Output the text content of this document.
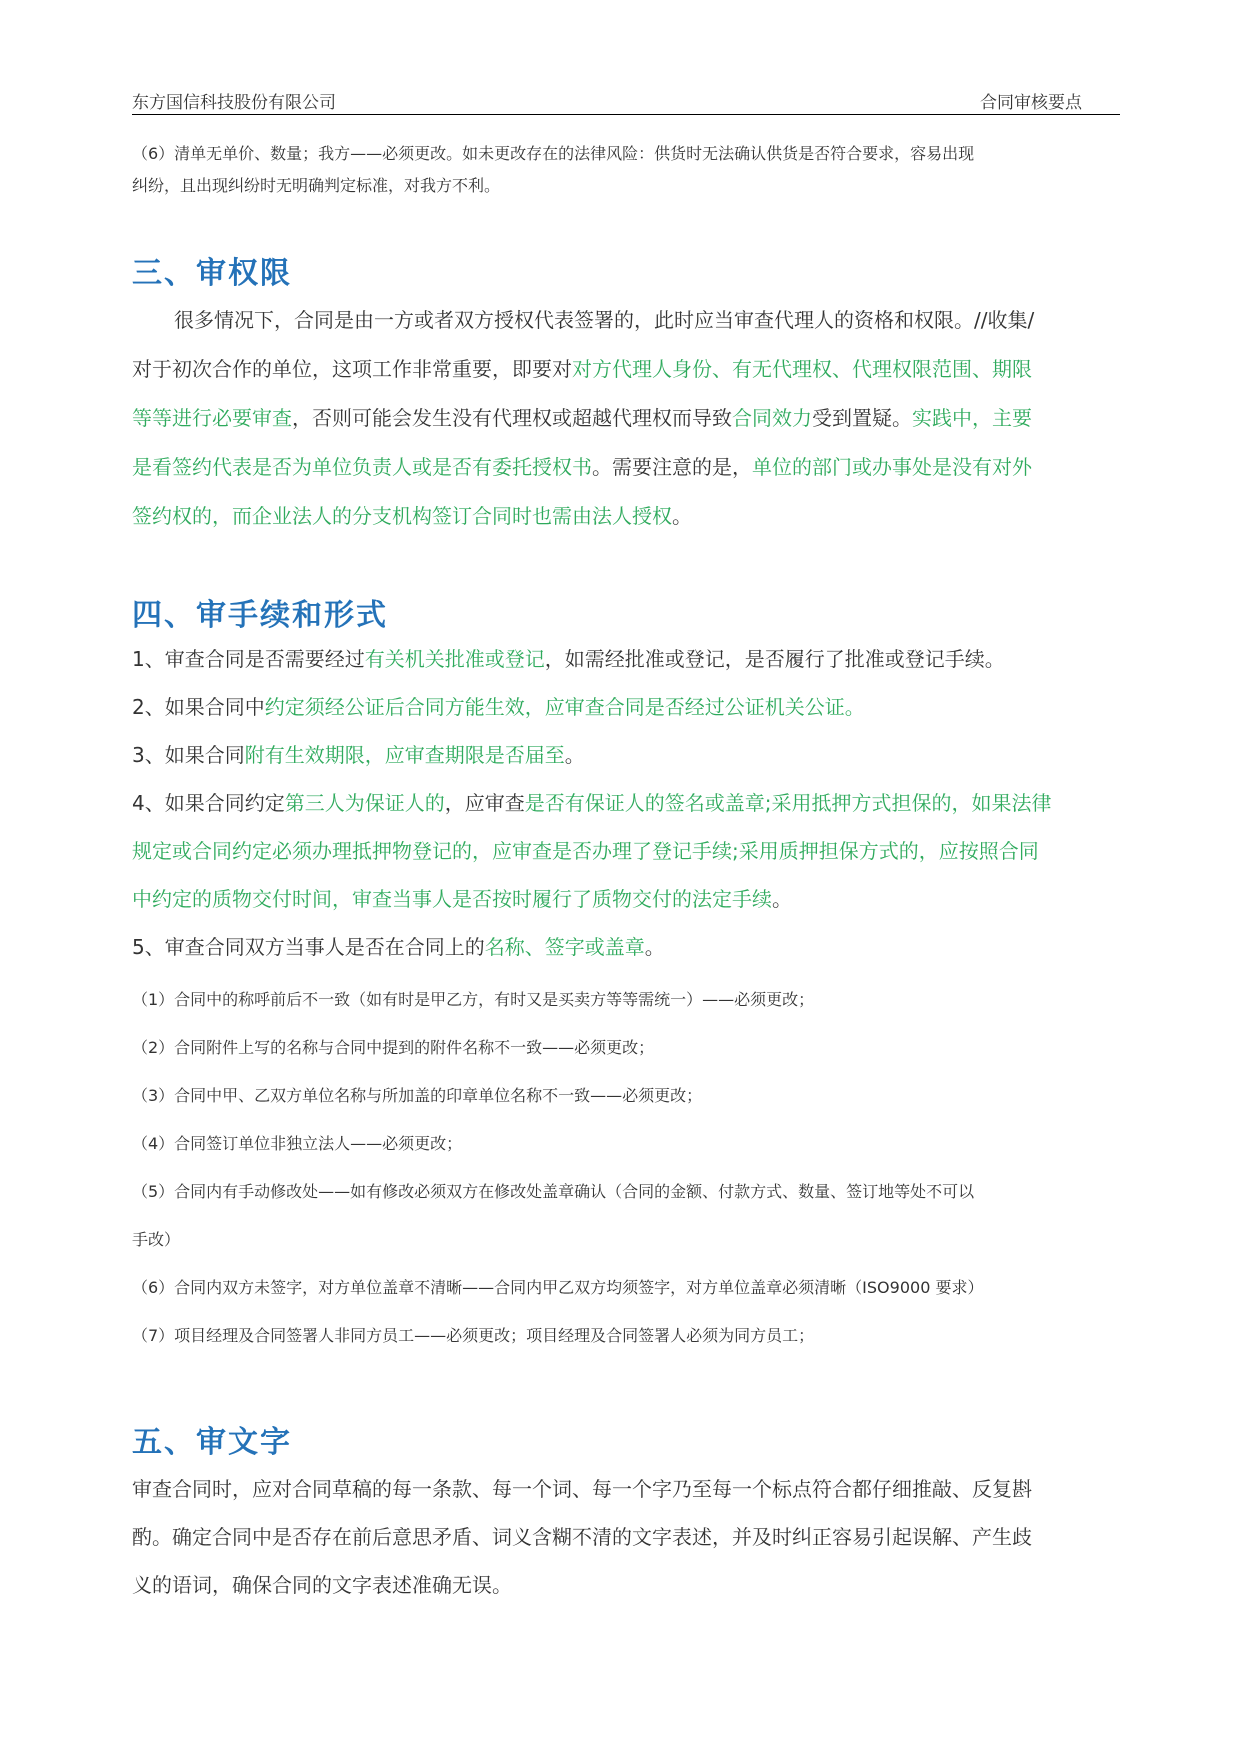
东方国信科技股份有限公司	合同审核要点

（6）清单无单价、数量；我方——必须更改。如未更改存在的法律风险：供货时无法确认供货是否符合要求，容易出现

纠纷，且出现纠纷时无明确判定标准，对我方不利。

三、审权限

很多情况下，合同是由一方或者双方授权代表签署的，此时应当审查代理人的资格和权限。//收集/

对于初次合作的单位，这项工作非常重要，即要对对方代理人身份、有无代理权、代理权限范围、期限

等等进行必要审查，否则可能会发生没有代理权或超越代理权而导致合同效力受到置疑。实践中，主要

是看签约代表是否为单位负责人或是否有委托授权书。需要注意的是，单位的部门或办事处是没有对外

签约权的，而企业法人的分支机构签订合同时也需由法人授权。

四、审手续和形式

1、审查合同是否需要经过有关机关批准或登记，如需经批准或登记，是否履行了批准或登记手续。

2、如果合同中约定须经公证后合同方能生效，应审查合同是否经过公证机关公证。

3、如果合同附有生效期限，应审查期限是否届至。

4、如果合同约定第三人为保证人的，应审查是否有保证人的签名或盖章;采用抵押方式担保的，如果法律

规定或合同约定必须办理抵押物登记的，应审查是否办理了登记手续;采用质押担保方式的，应按照合同

中约定的质物交付时间，审查当事人是否按时履行了质物交付的法定手续。

5、审查合同双方当事人是否在合同上的名称、签字或盖章。

（1）合同中的称呼前后不一致（如有时是甲乙方，有时又是买卖方等等需统一）——必须更改；

（2）合同附件上写的名称与合同中提到的附件名称不一致——必须更改；

（3）合同中甲、乙双方单位名称与所加盖的印章单位名称不一致——必须更改；

（4）合同签订单位非独立法人——必须更改；

（5）合同内有手动修改处——如有修改必须双方在修改处盖章确认（合同的金额、付款方式、数量、签订地等处不可以

手改）

（6）合同内双方未签字，对方单位盖章不清晰——合同内甲乙双方均须签字，对方单位盖章必须清晰（ISO9000 要求）

（7）项目经理及合同签署人非同方员工——必须更改；项目经理及合同签署人必须为同方员工；

五、审文字

审查合同时，应对合同草稿的每一条款、每一个词、每一个字乃至每一个标点符合都仔细推敲、反复斟

酌。确定合同中是否存在前后意思矛盾、词义含糊不清的文字表述，并及时纠正容易引起误解、产生歧

义的语词，确保合同的文字表述准确无误。
